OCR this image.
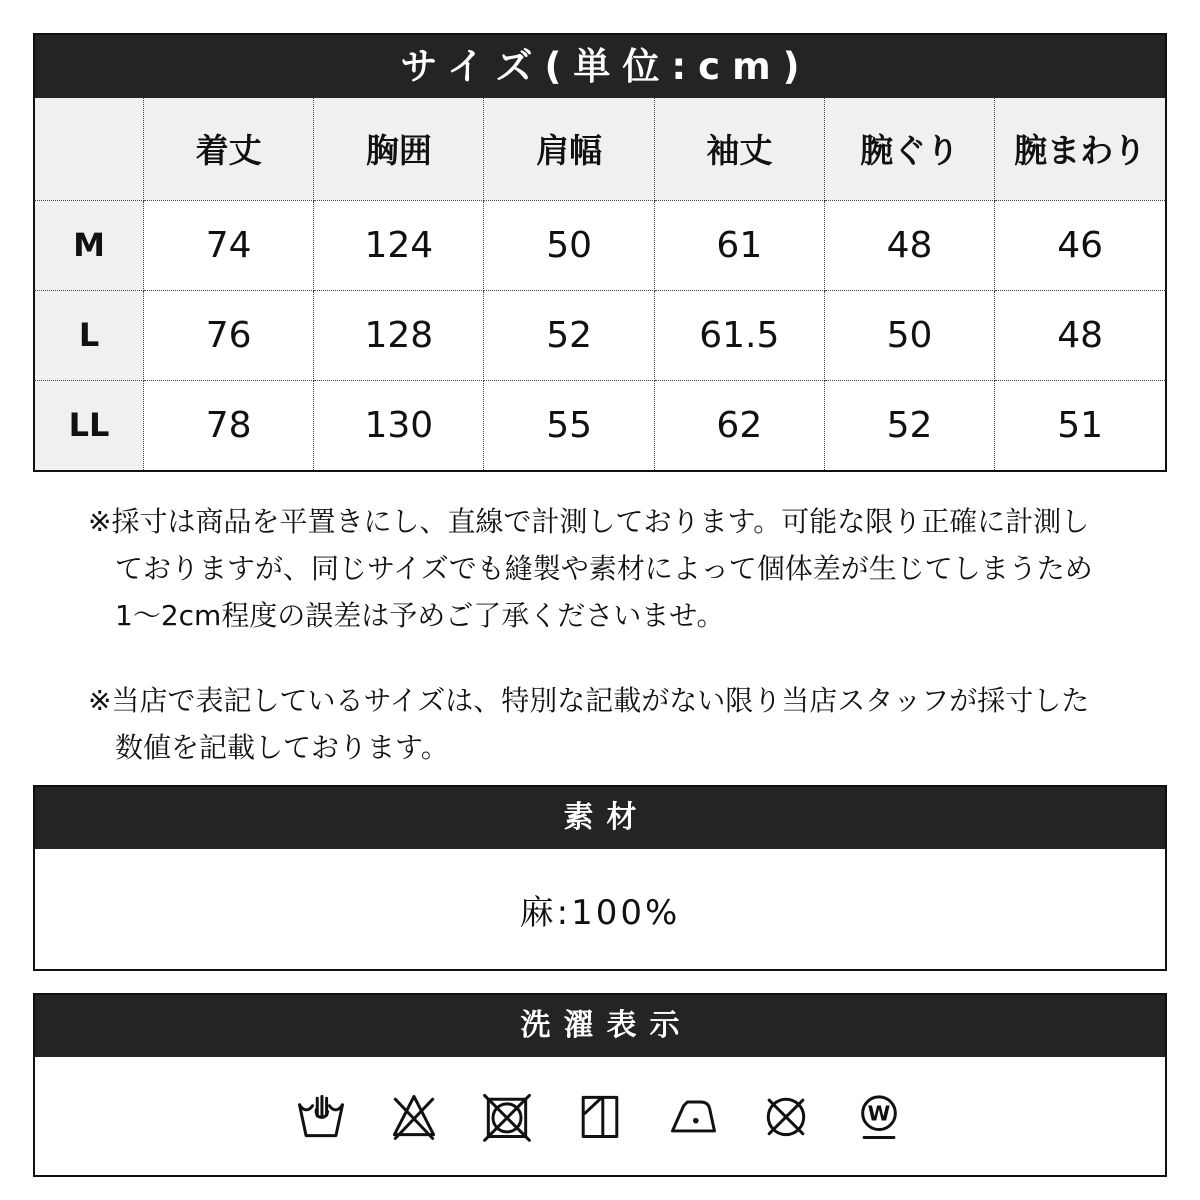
サイズ(単位:cm)
	着丈	胸囲	肩幅	袖丈	腕ぐり	腕まわり
M	74	124	50	61	48	46
L	76	128	52	61.5	50	48
LL	78	130	55	62	52	51

※採寸は商品を平置きにし、直線で計測しております。可能な限り正確に計測し
ておりますが、同じサイズでも縫製や素材によって個体差が生じてしまうため
1〜2cm程度の誤差は予めご了承くださいませ。

※当店で表記しているサイズは、特別な記載がない限り当店スタッフが採寸した
数値を記載しております。

素材
麻:100%
洗濯表示
W
